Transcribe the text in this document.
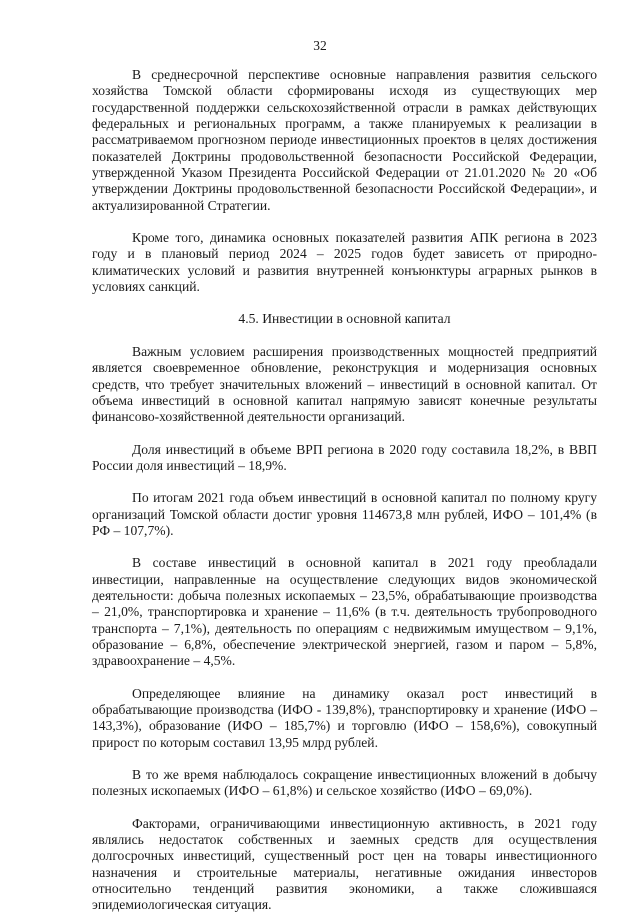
32

В среднесрочной перспективе основные направления развития сельского хозяйства Томской области сформированы исходя из существующих мер государственной поддержки сельскохозяйственной отрасли в рамках действующих федеральных и региональных программ, а также планируемых к реализации в рассматриваемом прогнозном периоде инвестиционных проектов в целях достижения показателей Доктрины продовольственной безопасности Российской Федерации, утвержденной Указом Президента Российской Федерации от 21.01.2020 № 20 «Об утверждении Доктрины продовольственной безопасности Российской Федерации», и актуализированной Стратегии.

Кроме того, динамика основных показателей развития АПК региона в 2023 году и в плановый период 2024 – 2025 годов будет зависеть от природно-климатических условий и развития внутренней конъюнктуры аграрных рынков в условиях санкций.

4.5. Инвестиции в основной капитал

Важным условием расширения производственных мощностей предприятий является своевременное обновление, реконструкция и модернизация основных средств, что требует значительных вложений – инвестиций в основной капитал. От объема инвестиций в основной капитал напрямую зависят конечные результаты финансово-хозяйственной деятельности организаций.

Доля инвестиций в объеме ВРП региона в 2020 году составила 18,2%, в ВВП России доля инвестиций – 18,9%.

По итогам 2021 года объем инвестиций в основной капитал по полному кругу организаций Томской области достиг уровня 114673,8 млн рублей, ИФО – 101,4% (в РФ – 107,7%).

В составе инвестиций в основной капитал в 2021 году преобладали инвестиции, направленные на осуществление следующих видов экономической деятельности: добыча полезных ископаемых – 23,5%, обрабатывающие производства – 21,0%, транспортировка и хранение – 11,6% (в т.ч. деятельность трубопроводного транспорта – 7,1%), деятельность по операциям с недвижимым имуществом – 9,1%, образование – 6,8%, обеспечение электрической энергией, газом и паром – 5,8%, здравоохранение – 4,5%.

Определяющее влияние на динамику оказал рост инвестиций в обрабатывающие производства (ИФО - 139,8%), транспортировку и хранение (ИФО – 143,3%), образование (ИФО – 185,7%) и торговлю (ИФО – 158,6%), совокупный прирост по которым составил 13,95 млрд рублей.

В то же время наблюдалось сокращение инвестиционных вложений в добычу полезных ископаемых (ИФО – 61,8%) и сельское хозяйство (ИФО – 69,0%).

Факторами, ограничивающими инвестиционную активность, в 2021 году являлись недостаток собственных и заемных средств для осуществления долгосрочных инвестиций, существенный рост цен на товары инвестиционного назначения и строительные материалы, негативные ожидания инвесторов относительно тенденций развития экономики, а также сложившаяся эпидемиологическая ситуация.
